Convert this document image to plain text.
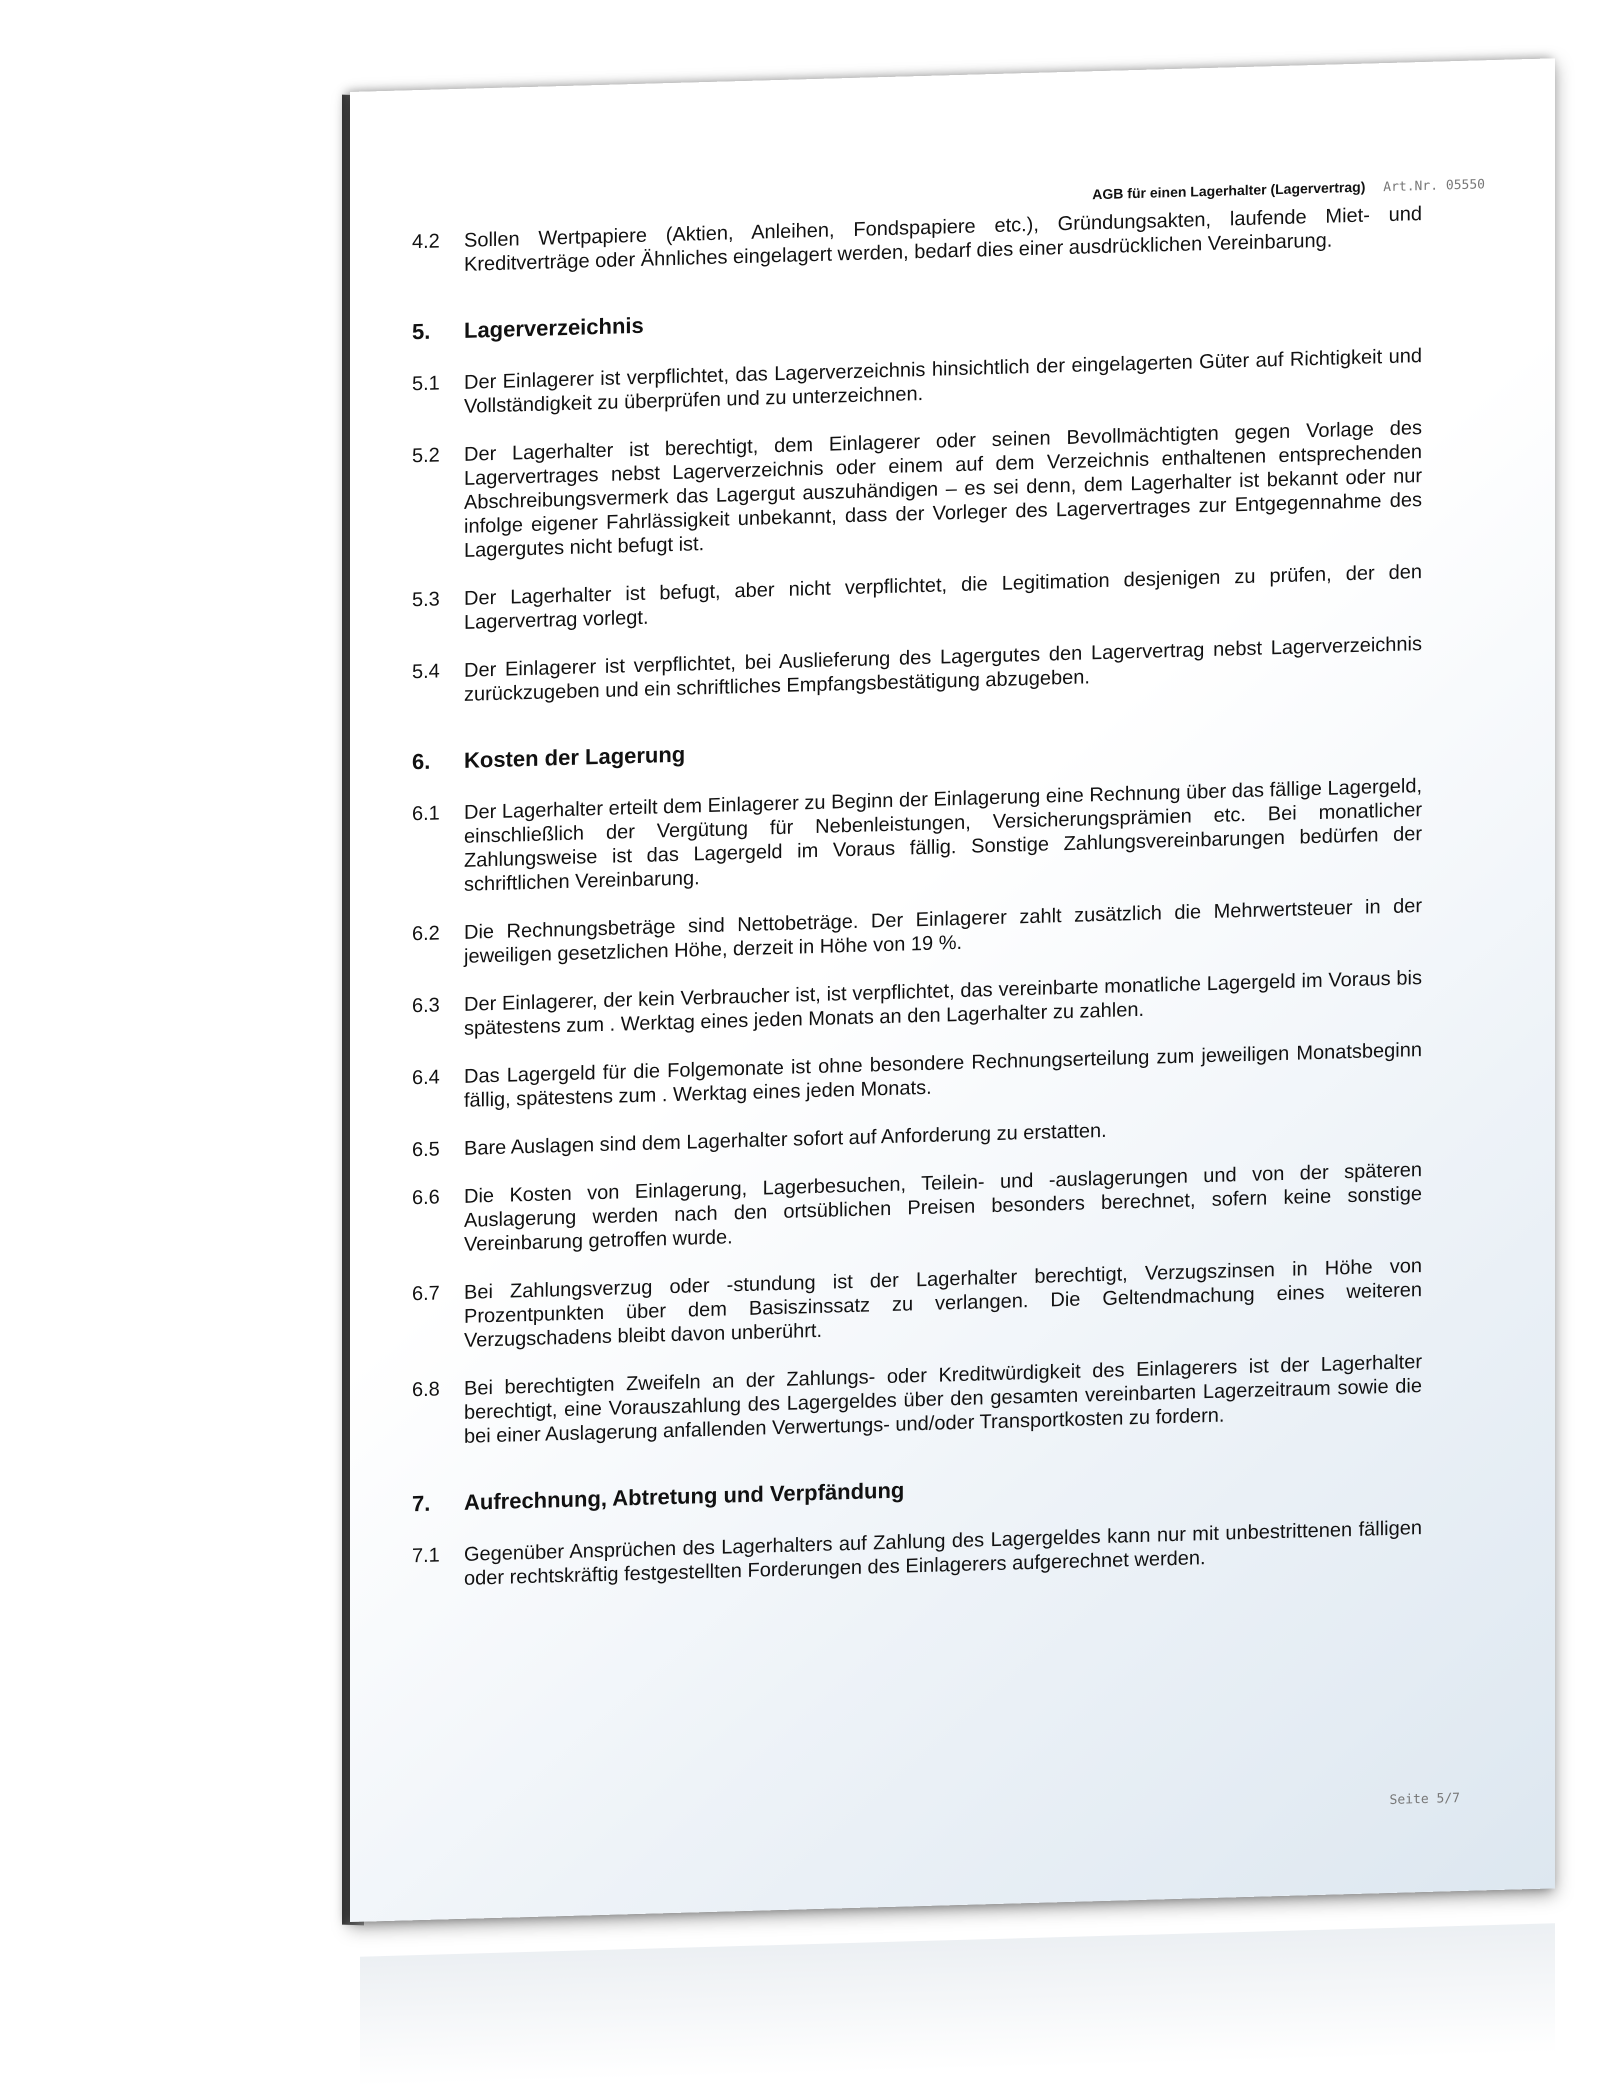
AGB für einen Lagerhalter (Lagervertrag) Art.Nr. 05550
4.2	Sollen Wertpapiere (Aktien, Anleihen, Fondspapiere etc.), Gründungsakten, laufende Miet- und Kreditverträge oder Ähnliches eingelagert werden, bedarf dies einer ausdrücklichen Vereinbarung.
5.	Lagerverzeichnis
5.1	Der Einlagerer ist verpflichtet, das Lagerverzeichnis hinsichtlich der eingelagerten Güter auf Richtigkeit und Vollständigkeit zu überprüfen und zu unterzeichnen.
5.2	Der Lagerhalter ist berechtigt, dem Einlagerer oder seinen Bevollmächtigten gegen Vorlage des Lagervertrages nebst Lagerverzeichnis oder einem auf dem Verzeichnis enthaltenen entsprechenden Abschreibungsvermerk das Lagergut auszuhändigen – es sei denn, dem Lagerhalter ist bekannt oder nur infolge eigener Fahrlässigkeit unbekannt, dass der Vorleger des Lagervertrages zur Entgegennahme des Lagergutes nicht befugt ist.
5.3	Der Lagerhalter ist befugt, aber nicht verpflichtet, die Legitimation desjenigen zu prüfen, der den Lagervertrag vorlegt.
5.4	Der Einlagerer ist verpflichtet, bei Auslieferung des Lagergutes den Lagervertrag nebst Lagerverzeichnis zurückzugeben und ein schriftliches Empfangsbestätigung abzugeben.
6.	Kosten der Lagerung
6.1	Der Lagerhalter erteilt dem Einlagerer zu Beginn der Einlagerung eine Rechnung über das fällige Lagergeld, einschließlich der Vergütung für Nebenleistungen, Versicherungsprämien etc. Bei monatlicher Zahlungsweise ist das Lagergeld im Voraus fällig. Sonstige Zahlungsvereinbarungen bedürfen der schriftlichen Vereinbarung.
6.2	Die Rechnungsbeträge sind Nettobeträge. Der Einlagerer zahlt zusätzlich die Mehrwertsteuer in der jeweiligen gesetzlichen Höhe, derzeit in Höhe von 19 %.
6.3	Der Einlagerer, der kein Verbraucher ist, ist verpflichtet, das vereinbarte monatliche Lagergeld im Voraus bis spätestens zum . Werktag eines jeden Monats an den Lagerhalter zu zahlen.
6.4	Das Lagergeld für die Folgemonate ist ohne besondere Rechnungserteilung zum jeweiligen Monatsbeginn fällig, spätestens zum . Werktag eines jeden Monats.
6.5	Bare Auslagen sind dem Lagerhalter sofort auf Anforderung zu erstatten.
6.6	Die Kosten von Einlagerung, Lagerbesuchen, Teilein- und -auslagerungen und von der späteren Auslagerung werden nach den ortsüblichen Preisen besonders berechnet, sofern keine sonstige Vereinbarung getroffen wurde.
6.7	Bei Zahlungsverzug oder -stundung ist der Lagerhalter berechtigt, Verzugszinsen in Höhe von Prozentpunkten über dem Basiszinssatz zu verlangen. Die Geltendmachung eines weiteren Verzugschadens bleibt davon unberührt.
6.8	Bei berechtigten Zweifeln an der Zahlungs- oder Kreditwürdigkeit des Einlagerers ist der Lagerhalter berechtigt, eine Vorauszahlung des Lagergeldes über den gesamten vereinbarten Lagerzeitraum sowie die bei einer Auslagerung anfallenden Verwertungs- und/oder Transportkosten zu fordern.
7.	Aufrechnung, Abtretung und Verpfändung
7.1	Gegenüber Ansprüchen des Lagerhalters auf Zahlung des Lagergeldes kann nur mit unbestrittenen fälligen oder rechtskräftig festgestellten Forderungen des Einlagerers aufgerechnet werden.
Seite 5/7
